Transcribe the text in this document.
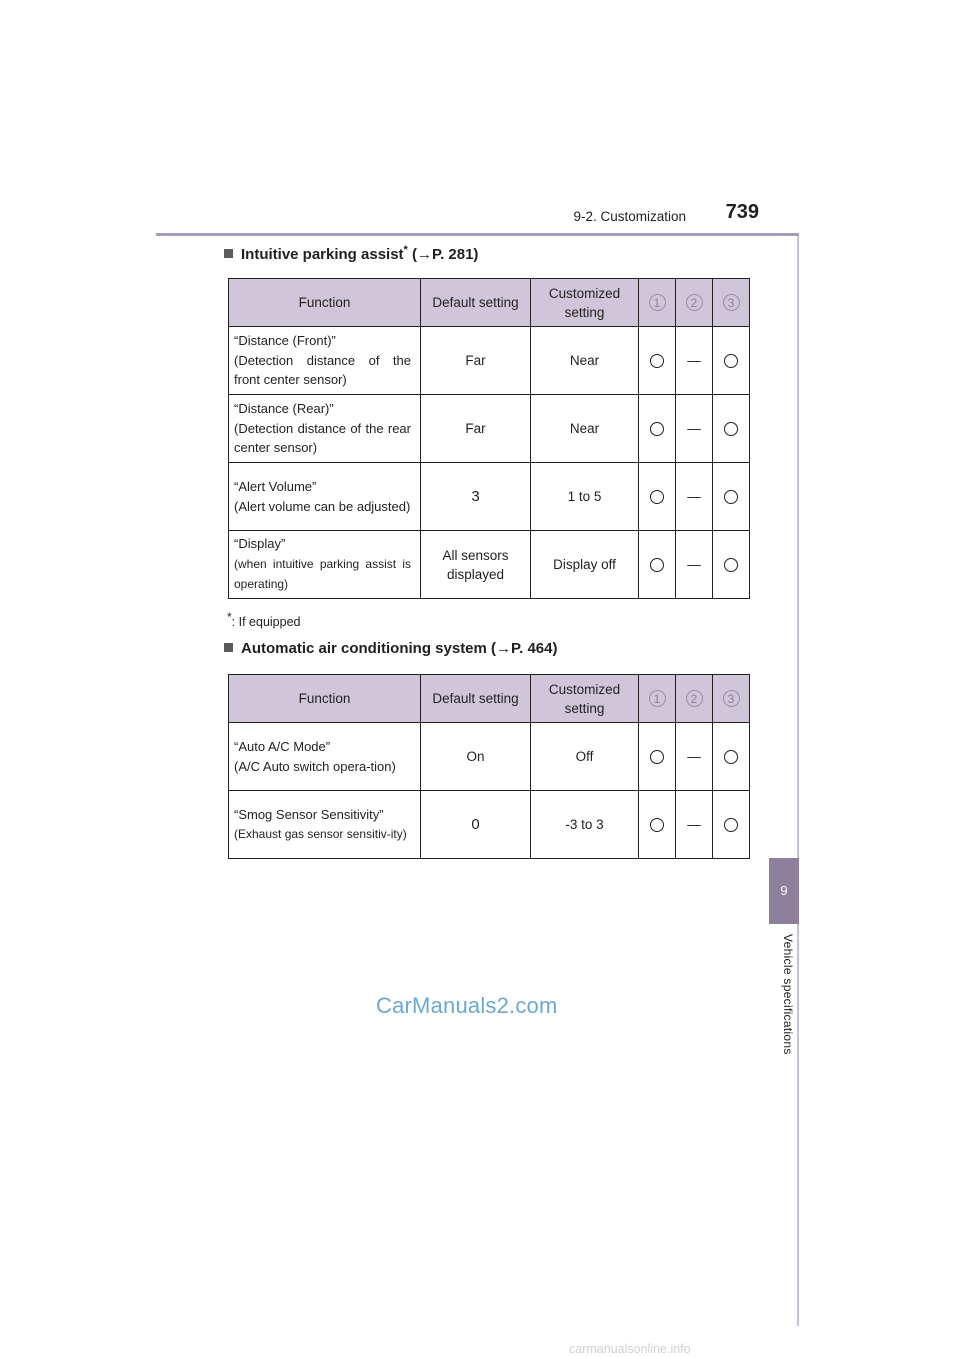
9-2. Customization 739
9
Vehicle specifications
Intuitive parking assist* (→P. 281)
Function	Default setting	Customized setting	1	2	3

“Distance (Front)”
(Detection distance of the front center sensor)	Far	Near		—	

“Distance (Rear)”
(Detection distance of the rear center sensor)	Far	Near		—	

“Alert Volume”
(Alert volume can be adjusted)	3	1 to 5		—	

“Display”
(when intuitive parking assist is operating)	All sensors displayed	Display off		—	
*: If equipped
Automatic air conditioning system (→P. 464)
Function	Default setting	Customized setting	1	2	3

“Auto A/C Mode”
(A/C Auto switch opera-tion)	On	Off		—	

“Smog Sensor Sensitivity”
(Exhaust gas sensor sensitiv-ity)	0	-3 to 3		—	
CarManuals2.com
carmanualsonline.info
